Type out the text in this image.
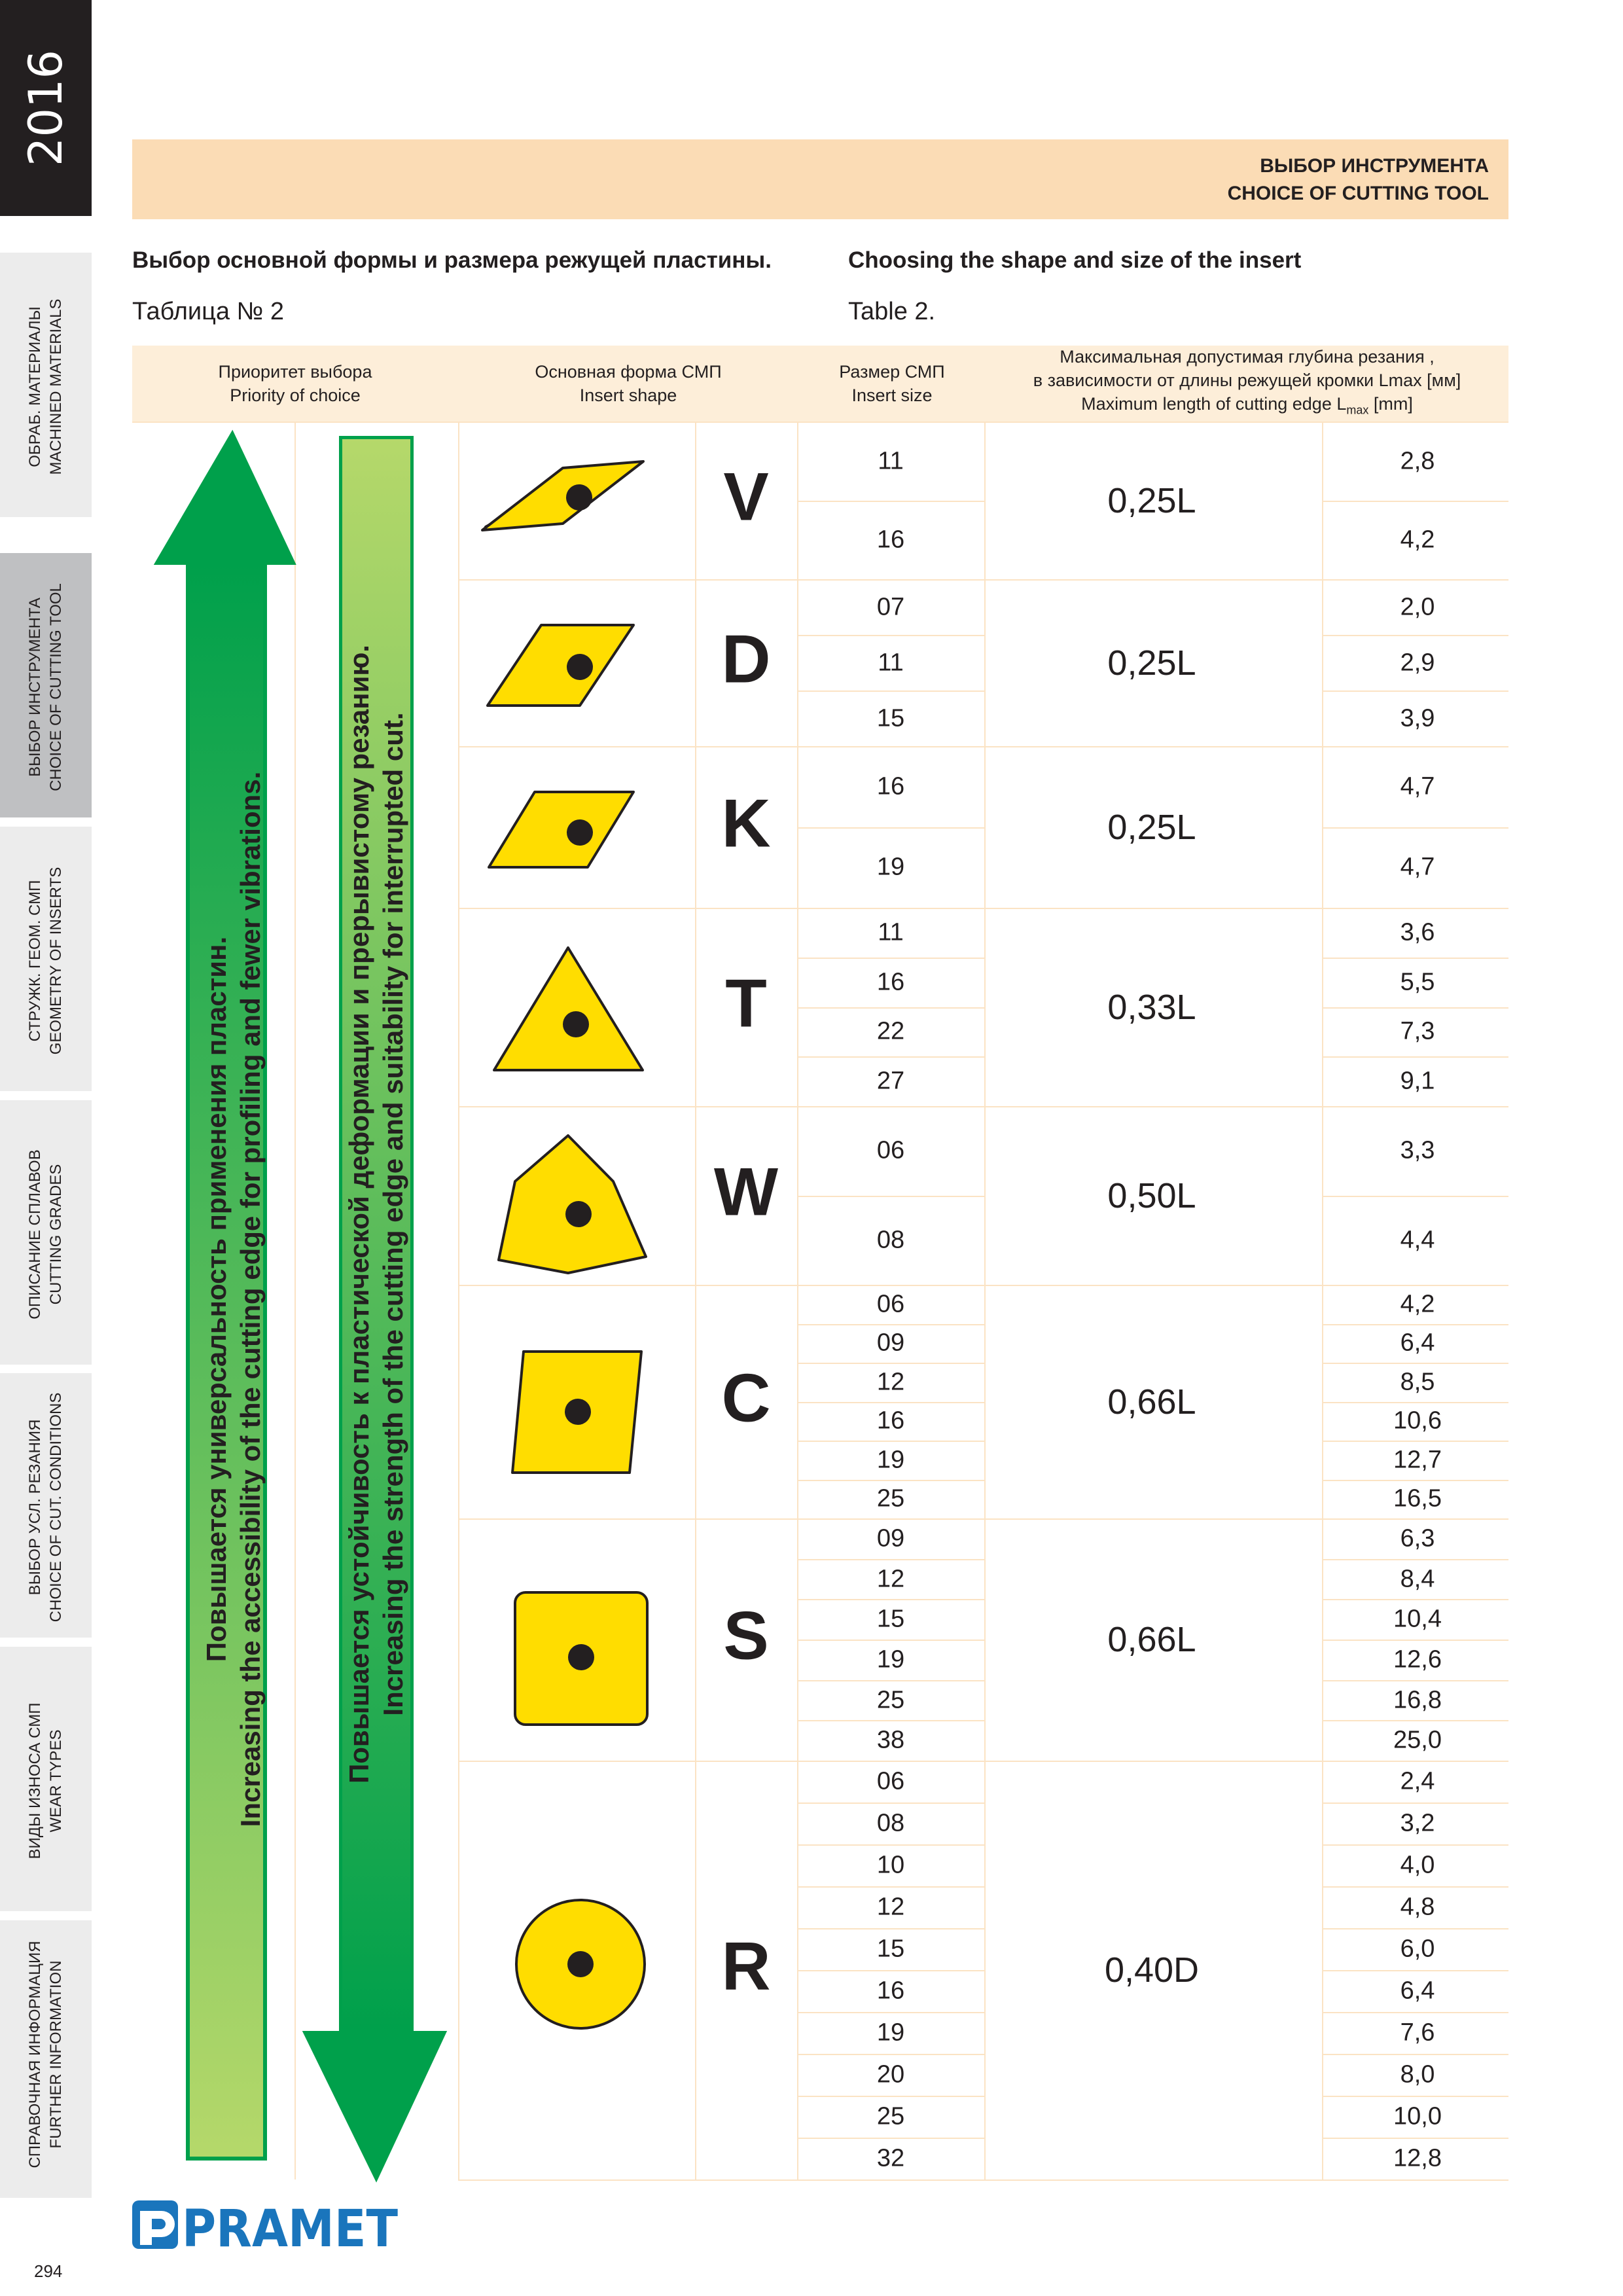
2016
ОБРАБ. МАТЕРИАЛЫ MACHINED MATERIALS
ВЫБОР ИНСТРУМЕНТА CHOICE OF CUTTING TOOL
СТРУЖК. ГЕОМ. СМП GEOMETRY OF INSERTS
ОПИСАНИЕ СПЛАВОВ CUTTING GRADES
ВЫБОР УСЛ. РЕЗАНИЯ CHOICE OF CUT. CONDITIONS
ВИДЫ ИЗНОСА СМП WEAR TYPES
СПРАВОЧНАЯ ИНФОРМАЦИЯ FURTHER INFORMATION
294
ВЫБОР ИНСТРУМЕНТА
CHOICE OF CUTTING TOOL
Выбор основной формы и размера режущей пластины.	Choosing the shape and size of the insert
Таблица № 2	Table 2.
Приоритет выбора
Priority of choice
Основная форма СМП
Insert shape
Размер СМП
Insert size
Максимальная допустимая глубина резания ,
в зависимости от длины режущей кромки Lmax [мм]
Maximum length of cutting edge $L_{max}$ [mm]
11	2,8
16	4,2
0,25L
V
07	2,0
11	2,9
15	3,9
0,25L
D
16	4,7
19	4,7
0,25L
K
11	3,6
16	5,5
22	7,3
27	9,1
0,33L
T
06	3,3
08	4,4
0,50L
W
06	4,2
09	6,4
12	8,5
16	10,6
19	12,7
25	16,5
0,66L
C
09	6,3
12	8,4
15	10,4
19	12,6
25	16,8
38	25,0
0,66L
S
06	2,4
08	3,2
10	4,0
12	4,8
15	6,0
16	6,4
19	7,6
20	8,0
25	10,0
32	12,8
0,40D
R
Повышается универсальность применения пластин. Increasing the accessibility of the cutting edge for profiling and fewer vibrations.	Повышается устойчивость к пластической деформации и прерывистому резанию. Increasing the strength of the cutting edge and suitability for interrupted cut.
PRAMET
